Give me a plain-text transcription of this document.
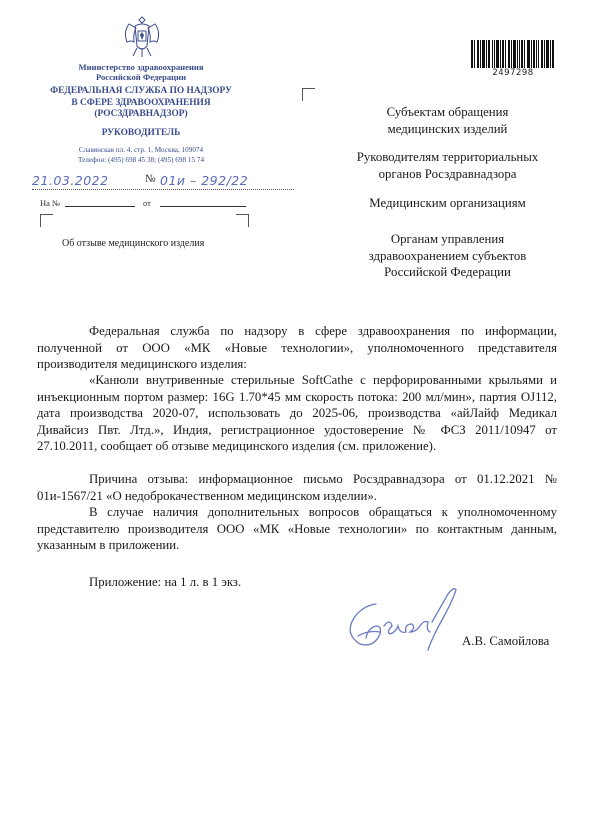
Министерство здравоохранения
Российской Федерации
ФЕДЕРАЛЬНАЯ СЛУЖБА ПО НАДЗОРУ
В СФЕРЕ ЗДРАВООХРАНЕНИЯ
(РОСЗДРАВНАДЗОР)
РУКОВОДИТЕЛЬ
Славянская пл. 4, стр. 1, Москва, 109074
Телефон: (495) 698 45 38; (495) 698 15 74
21.03.2022	№ 01и – 292/22
На №	от
Об отзыве медицинского изделия
2497298
Субъектам обращения
медицинских изделий
Руководителям территориальных
органов Росздравнадзора
Медицинским организациям
Органам управления
здравоохранением субъектов
Российской Федерации

Федеральная служба по надзору в сфере здравоохранения по информации, полученной от ООО «МК «Новые технологии», уполномоченного представителя производителя медицинского изделия:

«Канюли внутривенные стерильные SoftCathe с перфорированными крыльями и инъекционным портом размер: 16G 1.70*45 мм скорость потока: 200 мл/мин», партия OJ112, дата производства 2020-07, использовать до 2025-06, производства «айЛайф Медикал Дивайсиз Пвт. Лтд.», Индия, регистрационное удостоверение № ФСЗ 2011/10947 от 27.10.2011, сообщает об отзыве медицинского изделия (см. приложение).

Причина отзыва: информационное письмо Росздравнадзора от 01.12.2021 № 01и-1567/21 «О недоброкачественном медицинском изделии».

В случае наличия дополнительных вопросов обращаться к уполномоченному представителю производителя ООО «МК «Новые технологии» по контактным данным, указанным в приложении.

Приложение: на 1 л. в 1 экз.
А.В. Самойлова
